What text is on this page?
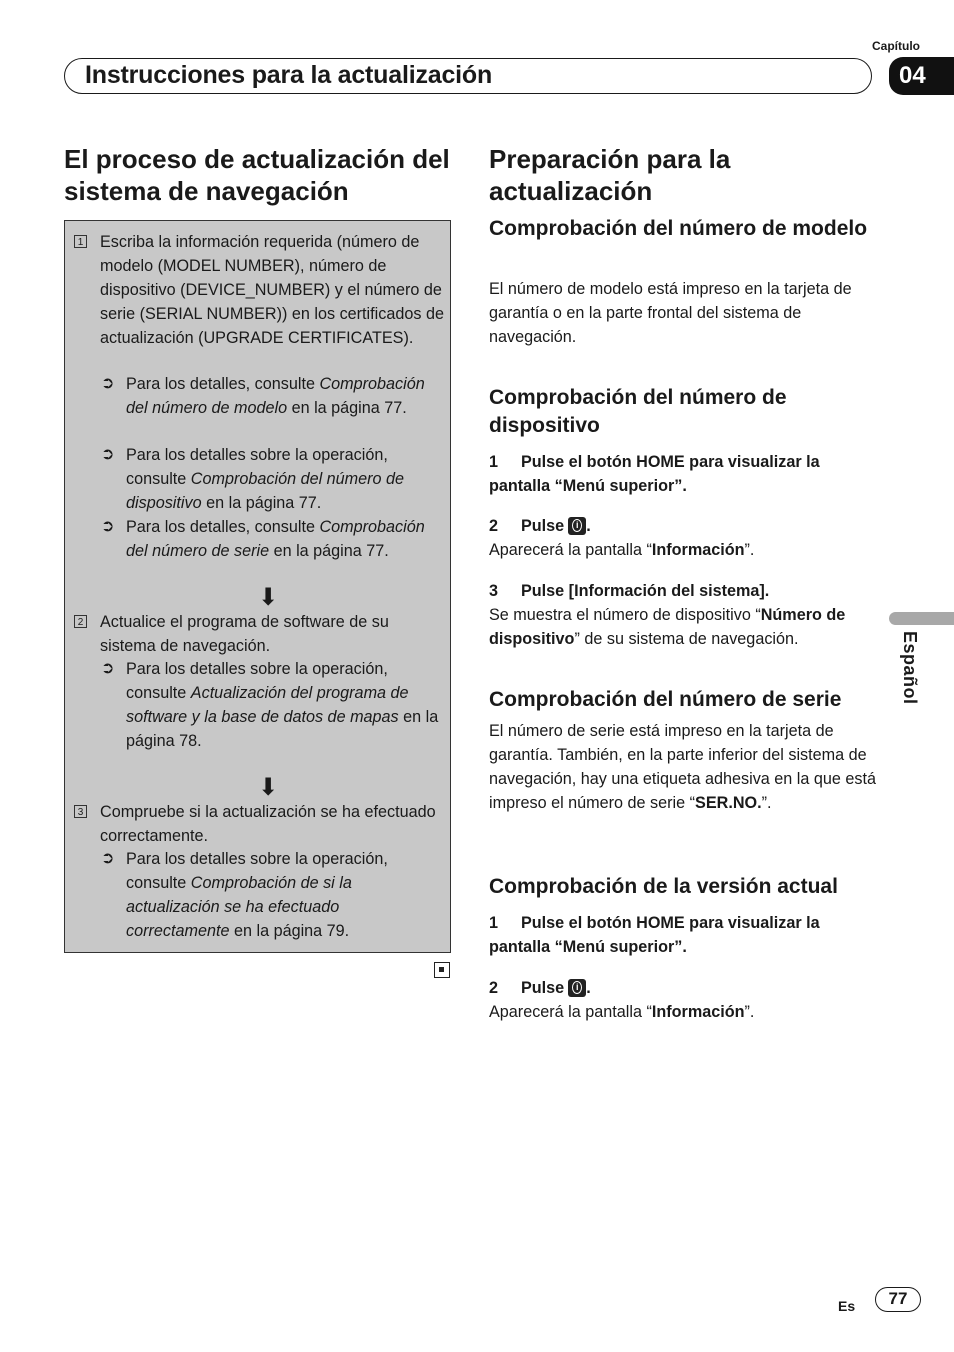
Capítulo
Instrucciones para la actualización	04
El proceso de actualización del sistema de navegación
1 Escriba la información requerida (número de modelo (MODEL NUMBER), número de dispositivo (DEVICE_NUMBER) y el número de serie (SERIAL NUMBER)) en los certificados de actualización (UPGRADE CERTIFICATES).
➲ Para los detalles, consulte Comprobación del número de modelo en la página 77.
➲ Para los detalles sobre la operación, consulte Comprobación del número de dispositivo en la página 77.
➲ Para los detalles, consulte Comprobación del número de serie en la página 77.
⬇
2 Actualice el programa de software de su sistema de navegación.
➲ Para los detalles sobre la operación, consulte Actualización del programa de software y la base de datos de mapas en la página 78.
⬇
3 Compruebe si la actualización se ha efectuado correctamente.
➲ Para los detalles sobre la operación, consulte Comprobación de si la actualización se ha efectuado correctamente en la página 79.
Preparación para la actualización
Comprobación del número de modelo
El número de modelo está impreso en la tarjeta de garantía o en la parte frontal del sistema de navegación.
Comprobación del número de dispositivo
1 Pulse el botón HOME para visualizar la pantalla “Menú superior”.
2 Pulse i .
Aparecerá la pantalla “Información”.
3 Pulse [Información del sistema].
Se muestra el número de dispositivo “Número de dispositivo” de su sistema de navegación.
Comprobación del número de serie
El número de serie está impreso en la tarjeta de garantía. También, en la parte inferior del sistema de navegación, hay una etiqueta adhesiva en la que está impreso el número de serie “SER.NO.”.
Comprobación de la versión actual
1 Pulse el botón HOME para visualizar la pantalla “Menú superior”.
2 Pulse i .
Aparecerá la pantalla “Información”.
Español
Es	77
